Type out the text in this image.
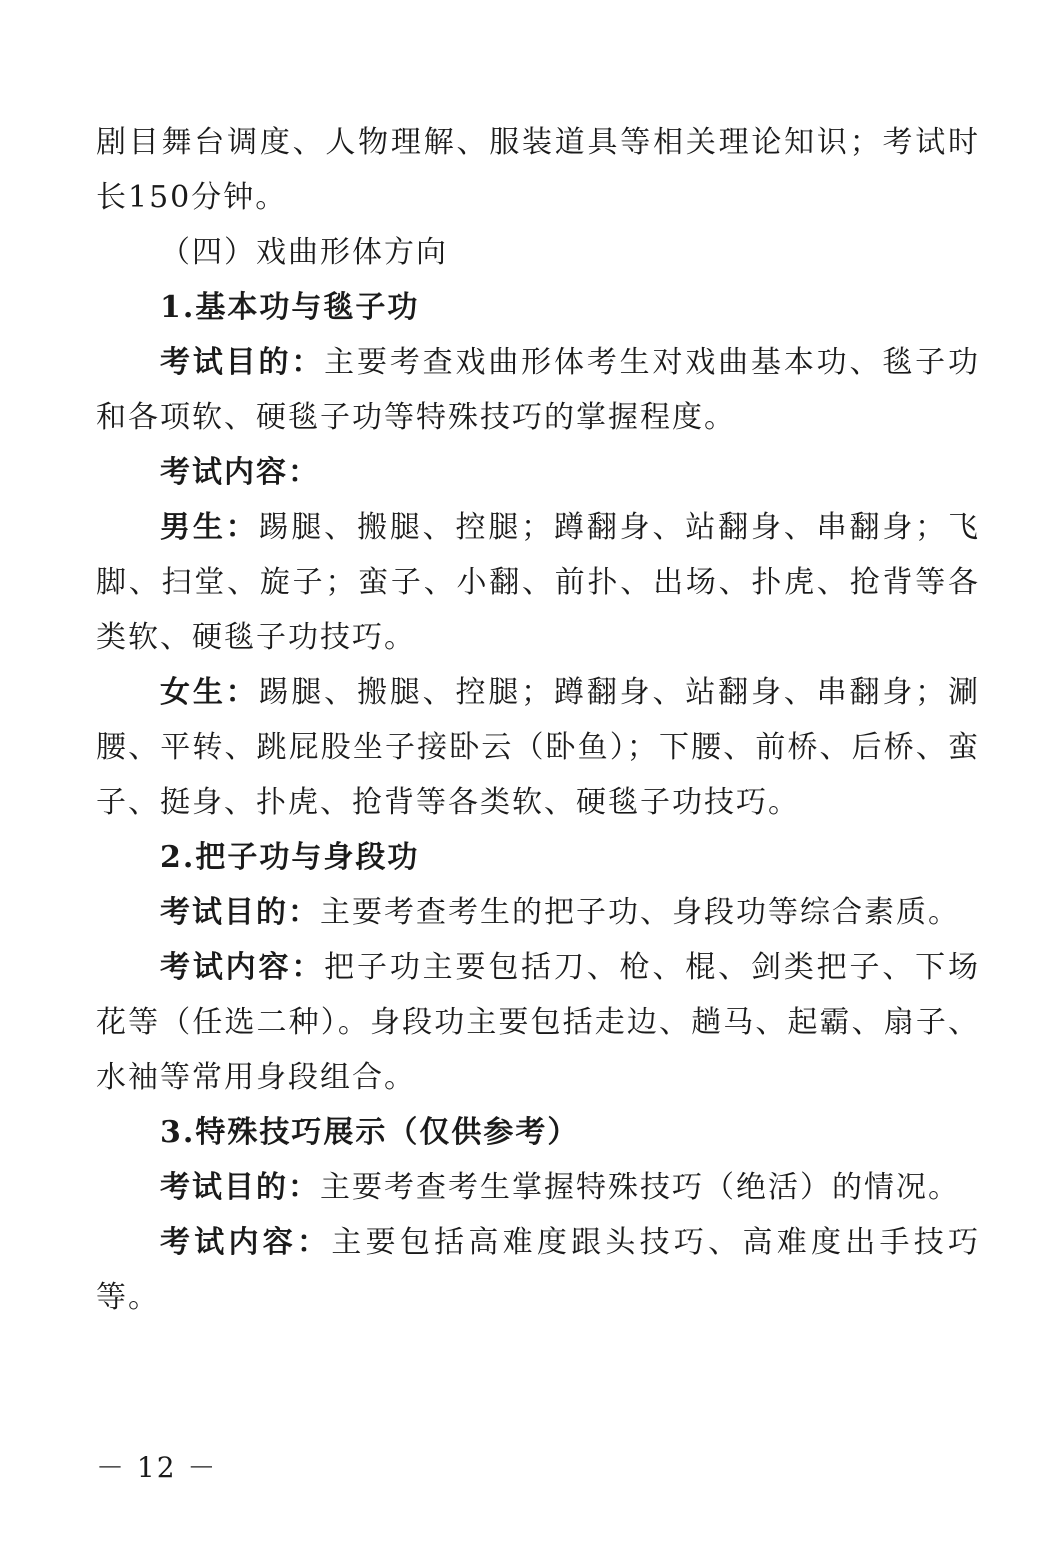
剧目舞台调度、人物理解、服装道具等相关理论知识；考试时长150分钟。

（四）戏曲形体方向

1.基本功与毯子功

考试目的：主要考查戏曲形体考生对戏曲基本功、毯子功和各项软、硬毯子功等特殊技巧的掌握程度。

考试内容：

男生：踢腿、搬腿、控腿；蹲翻身、站翻身、串翻身；飞脚、扫堂、旋子；蛮子、小翻、前扑、出场、扑虎、抢背等各类软、硬毯子功技巧。

女生：踢腿、搬腿、控腿；蹲翻身、站翻身、串翻身；涮腰、平转、跳屁股坐子接卧云（卧鱼）；下腰、前桥、后桥、蛮子、挺身、扑虎、抢背等各类软、硬毯子功技巧。

2.把子功与身段功

考试目的：主要考查考生的把子功、身段功等综合素质。

考试内容：把子功主要包括刀、枪、棍、剑类把子、下场花等（任选二种）。身段功主要包括走边、趟马、起霸、扇子、水袖等常用身段组合。

3.特殊技巧展示（仅供参考）

考试目的：主要考查考生掌握特殊技巧（绝活）的情况。

考试内容：主要包括高难度跟头技巧、高难度出手技巧等。

－ 12 －
